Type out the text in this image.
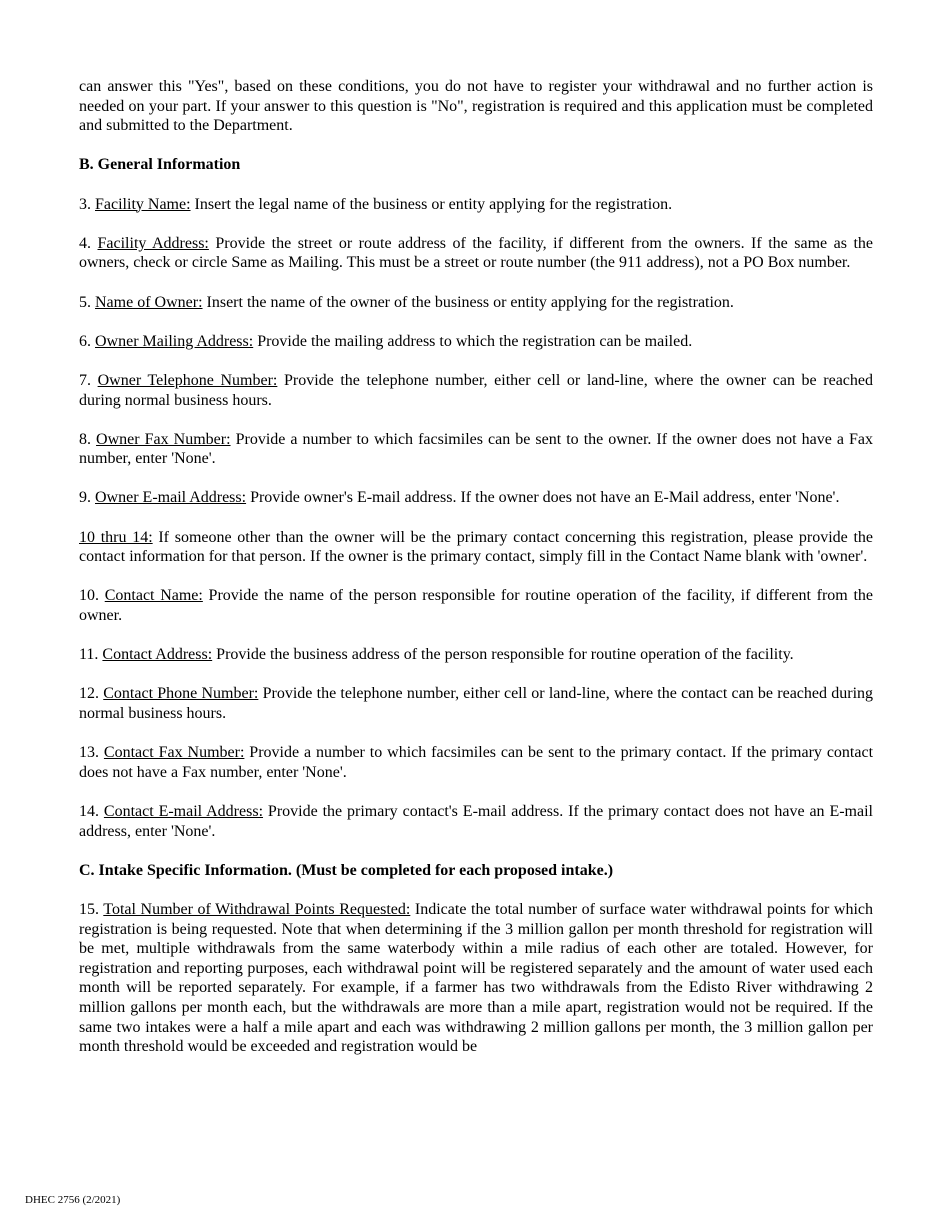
can answer this "Yes", based on these conditions, you do not have to register your withdrawal and no further action is needed on your part. If your answer to this question is "No", registration is required and this application must be completed and submitted to the Department.

B. General Information

3. Facility Name: Insert the legal name of the business or entity applying for the registration.

4. Facility Address: Provide the street or route address of the facility, if different from the owners. If the same as the owners, check or circle Same as Mailing. This must be a street or route number (the 911 address), not a PO Box number.

5. Name of Owner: Insert the name of the owner of the business or entity applying for the registration.

6. Owner Mailing Address: Provide the mailing address to which the registration can be mailed.

7. Owner Telephone Number: Provide the telephone number, either cell or land-line, where the owner can be reached during normal business hours.

8. Owner Fax Number: Provide a number to which facsimiles can be sent to the owner. If the owner does not have a Fax number, enter 'None'.

9. Owner E-mail Address: Provide owner's E-mail address. If the owner does not have an E-Mail address, enter 'None'.

10 thru 14: If someone other than the owner will be the primary contact concerning this registration, please provide the contact information for that person. If the owner is the primary contact, simply fill in the Contact Name blank with 'owner'.

10. Contact Name: Provide the name of the person responsible for routine operation of the facility, if different from the owner.

11. Contact Address: Provide the business address of the person responsible for routine operation of the facility.

12. Contact Phone Number: Provide the telephone number, either cell or land-line, where the contact can be reached during normal business hours.

13. Contact Fax Number: Provide a number to which facsimiles can be sent to the primary contact. If the primary contact does not have a Fax number, enter 'None'.

14. Contact E-mail Address: Provide the primary contact's E-mail address. If the primary contact does not have an E-mail address, enter 'None'.

C. Intake Specific Information. (Must be completed for each proposed intake.)

15. Total Number of Withdrawal Points Requested: Indicate the total number of surface water withdrawal points for which registration is being requested. Note that when determining if the 3 million gallon per month threshold for registration will be met, multiple withdrawals from the same waterbody within a mile radius of each other are totaled. However, for registration and reporting purposes, each withdrawal point will be registered separately and the amount of water used each month will be reported separately. For example, if a farmer has two withdrawals from the Edisto River withdrawing 2 million gallons per month each, but the withdrawals are more than a mile apart, registration would not be required. If the same two intakes were a half a mile apart and each was withdrawing 2 million gallons per month, the 3 million gallon per month threshold would be exceeded and registration would be

DHEC 2756 (2/2021)
